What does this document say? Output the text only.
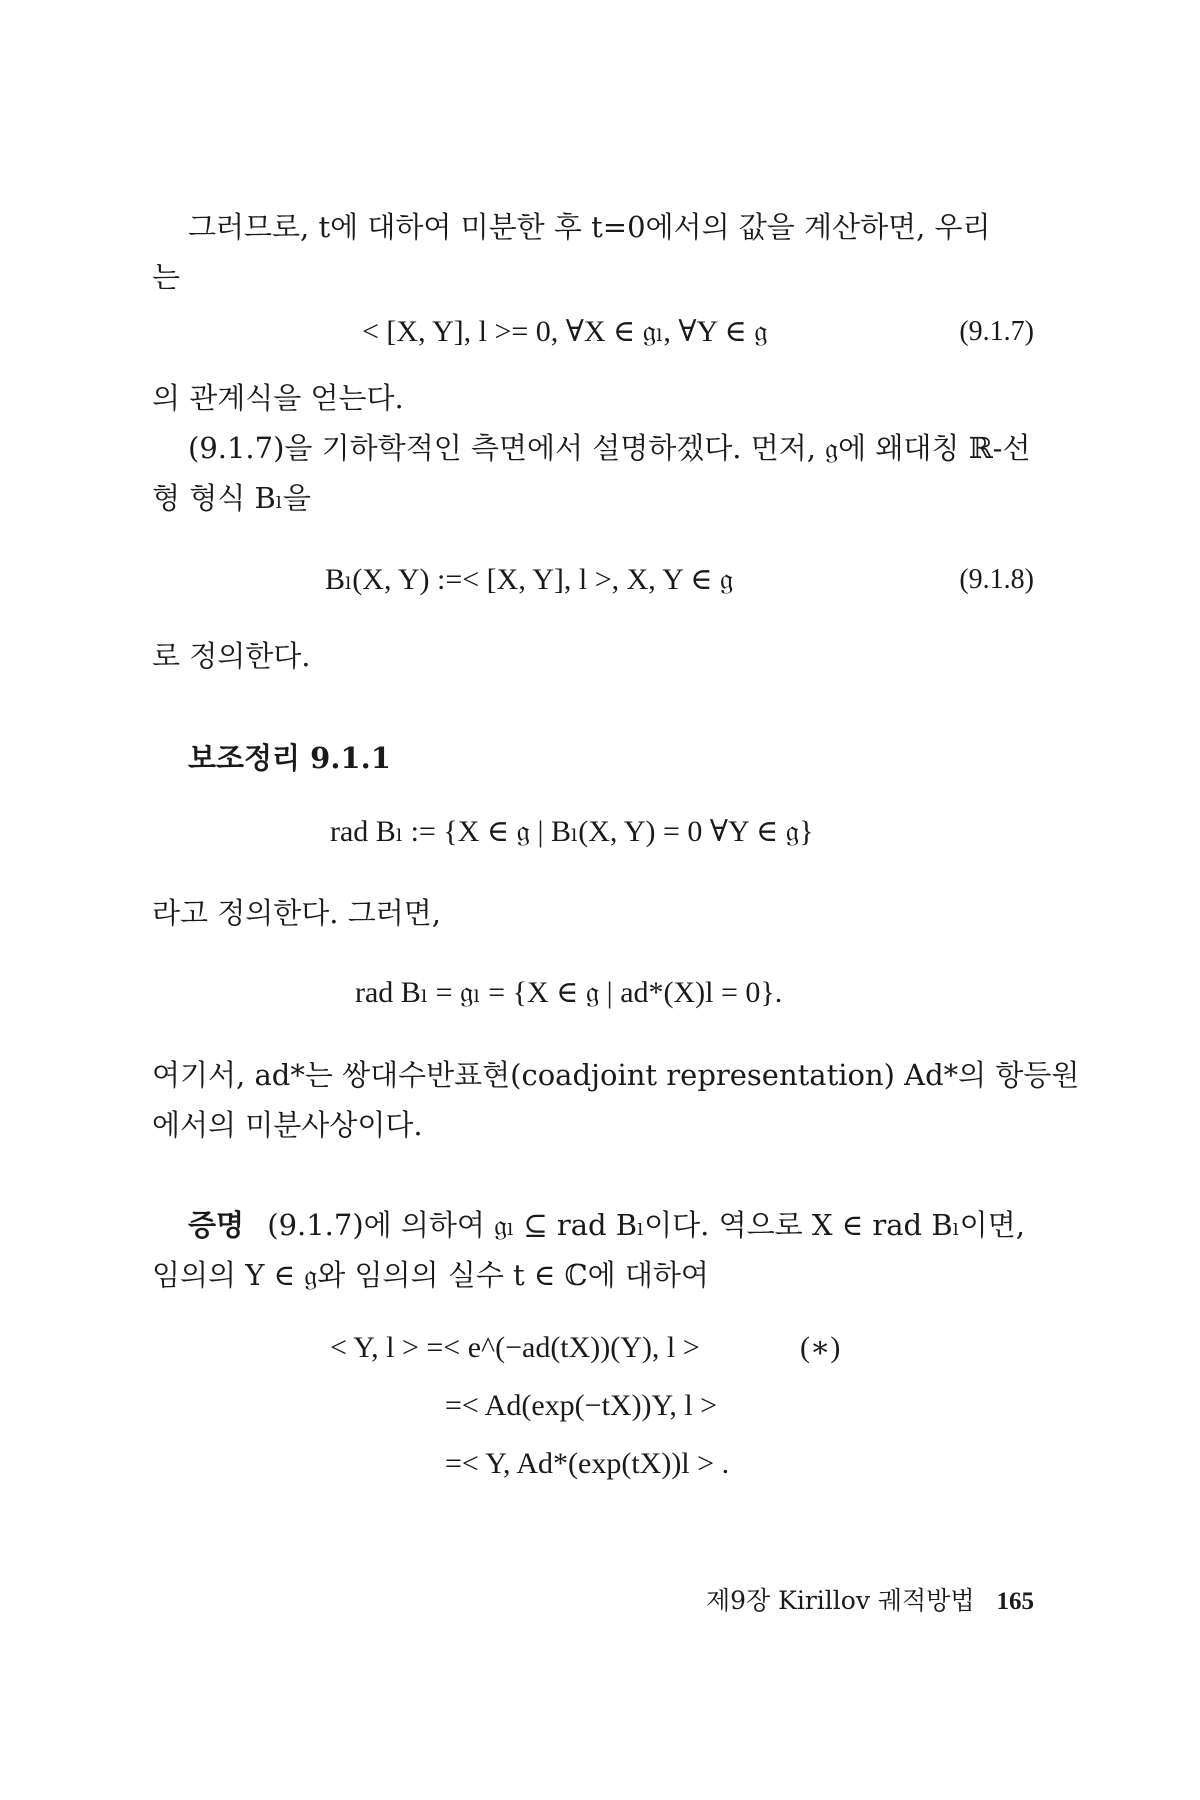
그러므로, t에 대하여 미분한 후 t=0에서의 값을 계산하면, 우리
는
< [X, Y], l >= 0, ∀X ∈ 𝔤ₗ, ∀Y ∈ 𝔤	(9.1.7)
의 관계식을 얻는다.
(9.1.7)을 기하학적인 측면에서 설명하겠다. 먼저, 𝔤에 왜대칭 ℝ-선
형 형식 Bₗ을
Bₗ(X, Y) :=< [X, Y], l >, X, Y ∈ 𝔤	(9.1.8)
로 정의한다.
보조정리 9.1.1
rad Bₗ := {X ∈ 𝔤 | Bₗ(X, Y) = 0 ∀Y ∈ 𝔤}
라고 정의한다. 그러면,
rad Bₗ = 𝔤ₗ = {X ∈ 𝔤 | ad*(X)l = 0}.
여기서, ad*는 쌍대수반표현(coadjoint representation) Ad*의 항등원
에서의 미분사상이다.
증명 (9.1.7)에 의하여 𝔤ₗ ⊆ rad Bₗ이다. 역으로 X ∈ rad Bₗ이면,
임의의 Y ∈ 𝔤와 임의의 실수 t ∈ ℂ에 대하여
< Y, l > =< e^(−ad(tX))(Y), l >	(∗)
=< Ad(exp(−tX))Y, l >
=< Y, Ad*(exp(tX))l > .
제9장 Kirillov 궤적방법 165
